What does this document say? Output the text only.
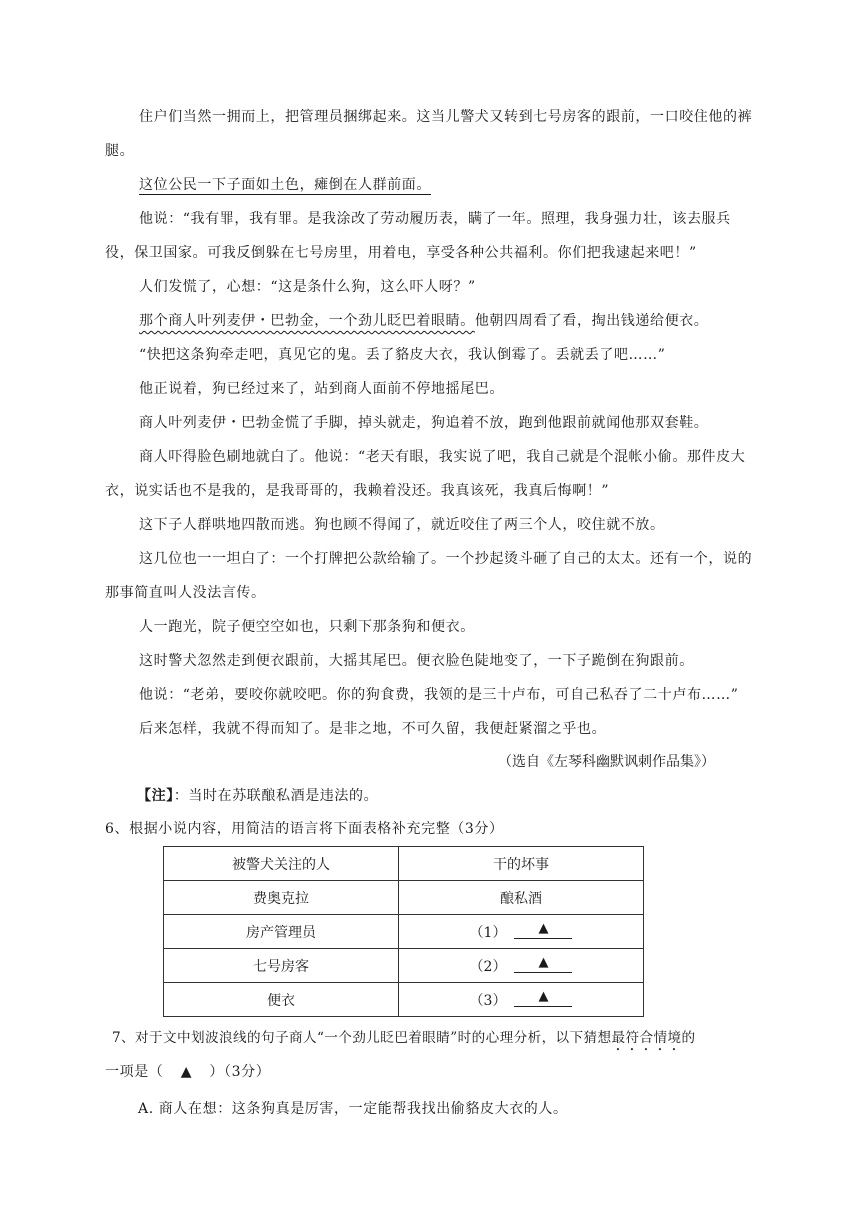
住户们当然一拥而上，把管理员捆绑起来。这当儿警犬又转到七号房客的跟前，一口咬住他的裤腿。
这位公民一下子面如土色，瘫倒在人群前面。
他说：“我有罪，我有罪。是我涂改了劳动履历表，瞒了一年。照理，我身强力壮，该去服兵役，保卫国家。可我反倒躲在七号房里，用着电，享受各种公共福利。你们把我逮起来吧！”
人们发慌了，心想：“这是条什么狗，这么吓人呀？”
那个商人叶列麦伊・巴勃金，一个劲儿眨巴着眼睛。他朝四周看了看，掏出钱递给便衣。
“快把这条狗牵走吧，真见它的鬼。丢了貉皮大衣，我认倒霉了。丢就丢了吧……”
他正说着，狗已经过来了，站到商人面前不停地摇尾巴。
商人叶列麦伊・巴勃金慌了手脚，掉头就走，狗追着不放，跑到他跟前就闻他那双套鞋。
商人吓得脸色刷地就白了。他说：“老天有眼，我实说了吧，我自己就是个混帐小偷。那件皮大衣，说实话也不是我的，是我哥哥的，我赖着没还。我真该死，我真后悔啊！”
这下子人群哄地四散而逃。狗也顾不得闻了，就近咬住了两三个人，咬住就不放。
这几位也一一坦白了：一个打牌把公款给输了。一个抄起烫斗砸了自己的太太。还有一个，说的那事简直叫人没法言传。
人一跑光，院子便空空如也，只剩下那条狗和便衣。
这时警犬忽然走到便衣跟前，大摇其尾巴。便衣脸色陡地变了，一下子跪倒在狗跟前。
他说：“老弟，要咬你就咬吧。你的狗食费，我领的是三十卢布，可自己私吞了二十卢布……”
后来怎样，我就不得而知了。是非之地，不可久留，我便赶紧溜之乎也。
（选自《左琴科幽默讽刺作品集》）
【注】：当时在苏联酿私酒是违法的。
6、根据小说内容，用简洁的语言将下面表格补充完整（3分）
被警犬关注的人	干的坏事
费奥克拉	酿私酒
房产管理员	（1） ▲

七号房客	（2） ▲

便衣	（3） ▲
7、对于文中划波浪线的句子商人“一个劲儿眨巴着眼睛”时的心理分析，以下猜想最符合情境的
一项是（ ▲ ）（3分）
A. 商人在想：这条狗真是厉害，一定能帮我找出偷貉皮大衣的人。
